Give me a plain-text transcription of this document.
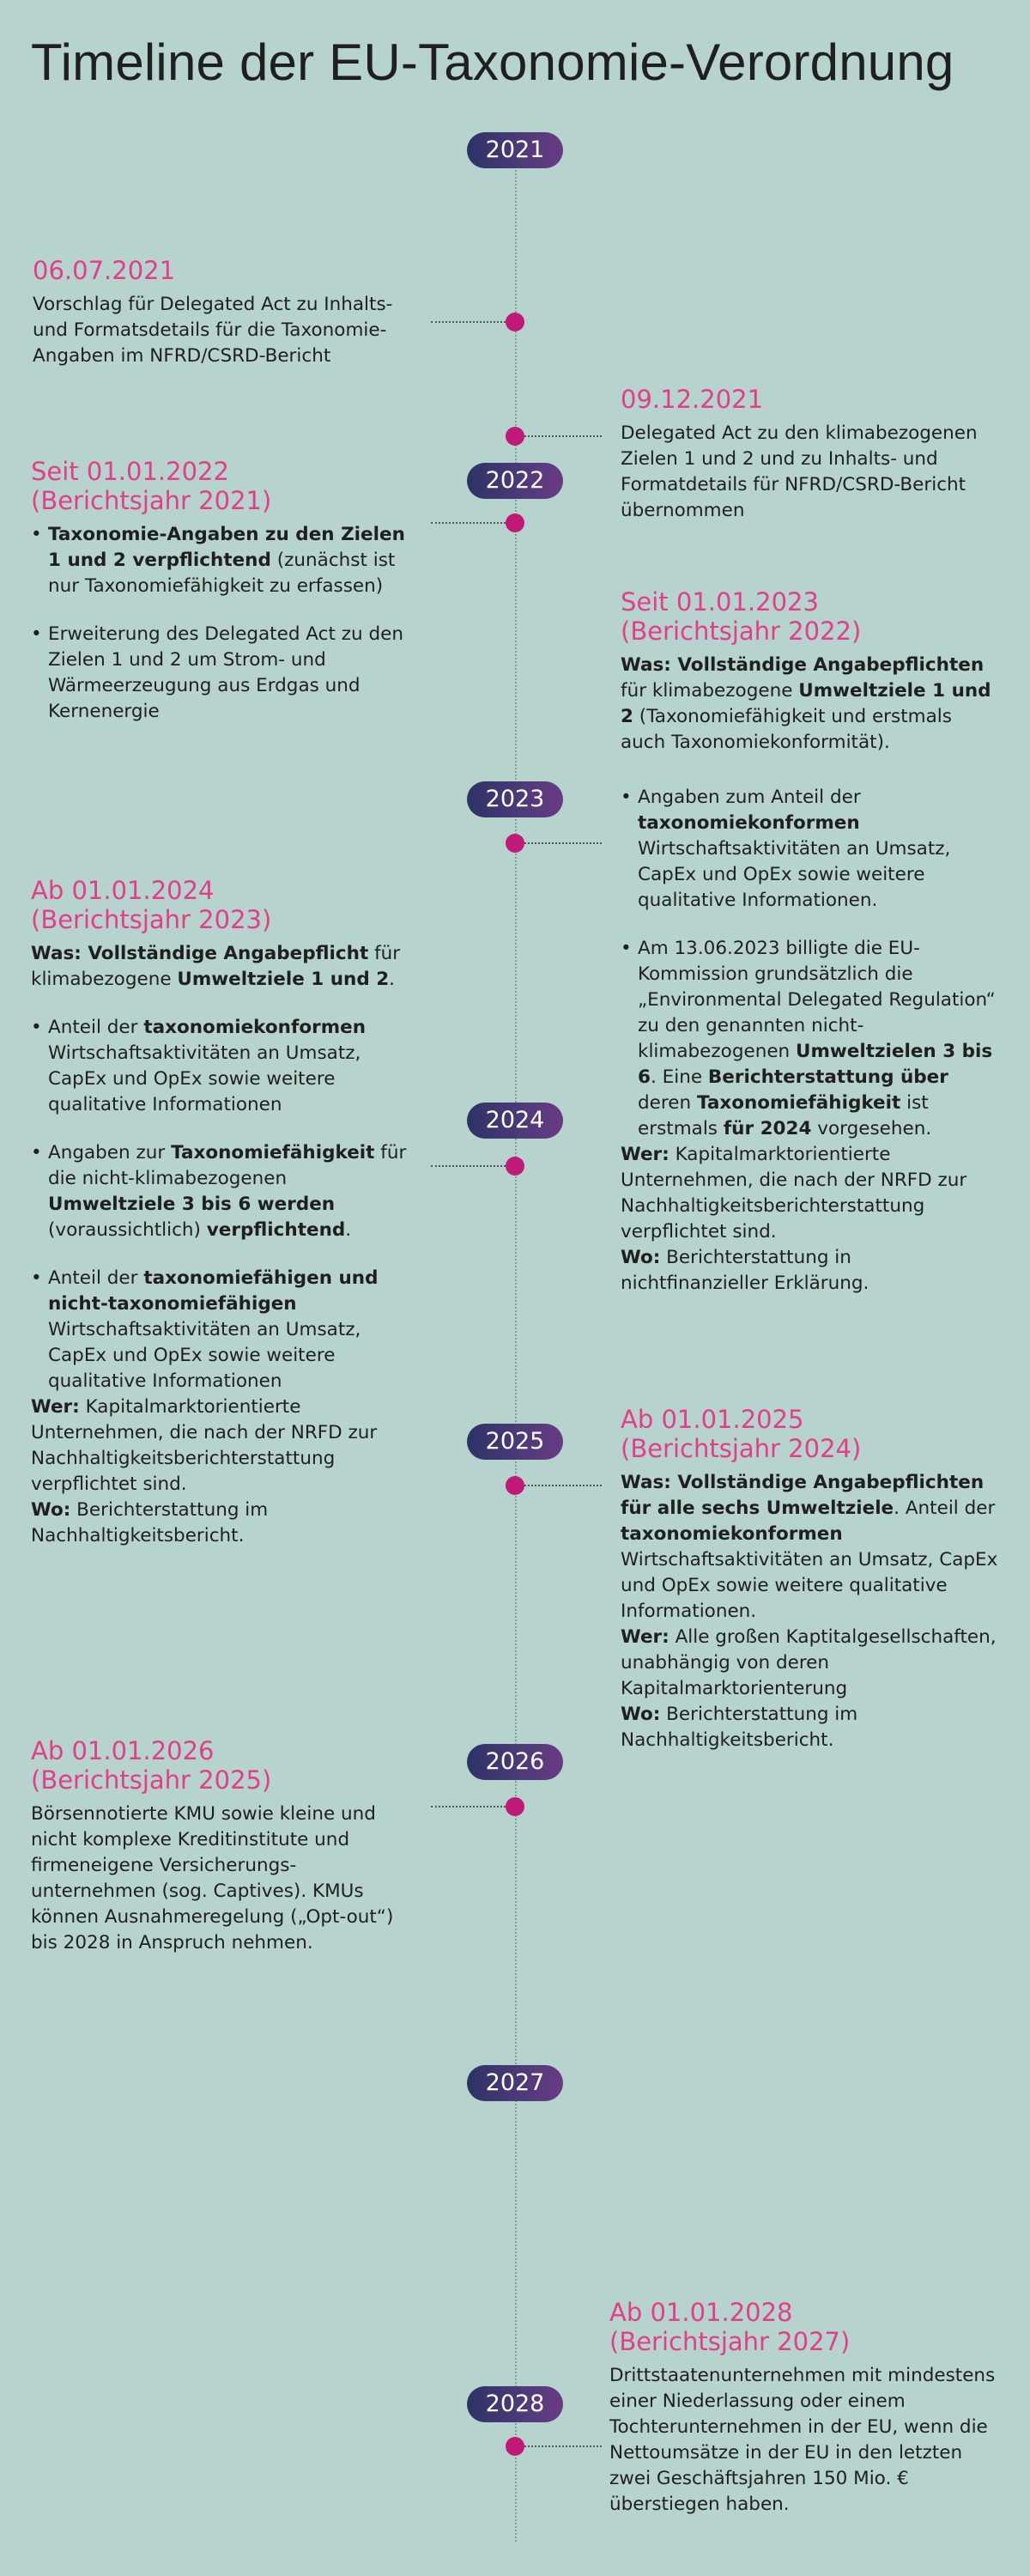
Timeline der EU-Taxonomie-Verordnung
2021
2022
2023
2024
2025
2026
2027
2028
06.07.2021

Vorschlag für Delegated Act zu Inhalts- und Formatsdetails für die Taxonomie-Angaben im NFRD/CSRD-Bericht

09.12.2021

Delegated Act zu den klimabezogenen Zielen 1 und 2 und zu Inhalts- und Formatdetails für NFRD/CSRD-Bericht übernommen

Seit 01.01.2022
(Berichtsjahr 2021)
• Taxonomie-Angaben zu den Zielen 1 und 2 verpflichtend (zunächst ist nur Taxonomiefähigkeit zu erfassen)
• Erweiterung des Delegated Act zu den Zielen 1 und 2 um Strom- und Wärmeerzeugung aus Erdgas und Kernenergie
Seit 01.01.2023
(Berichtsjahr 2022)

Was: Vollständige Angabepflichten für klimabezogene Umweltziele 1 und 2 (Taxonomiefähigkeit und erstmals auch Taxonomiekonformität).

• Angaben zum Anteil der taxonomiekonformen Wirtschaftsaktivitäten an Umsatz, CapEx und OpEx sowie weitere qualitative Informationen.
• Am 13.06.2023 billigte die EU-Kommission grundsätzlich die „Environmental Delegated Regulation“ zu den genannten nicht-klimabezogenen Umweltzielen 3 bis 6. Eine Berichterstattung über deren Taxonomiefähigkeit ist erstmals für 2024 vorgesehen.

Wer: Kapitalmarktorientierte Unternehmen, die nach der NRFD zur Nachhaltigkeitsberichterstattung verpflichtet sind.

Wo: Berichterstattung in nichtfinanzieller Erklärung.

Ab 01.01.2024
(Berichtsjahr 2023)

Was: Vollständige Angabepflicht für klimabezogene Umweltziele 1 und 2.

• Anteil der taxonomiekonformen Wirtschaftsaktivitäten an Umsatz, CapEx und OpEx sowie weitere qualitative Informationen
• Angaben zur Taxonomiefähigkeit für die nicht-klimabezogenen Umweltziele 3 bis 6 werden (voraussichtlich) verpflichtend.
• Anteil der taxonomiefähigen und nicht-taxonomiefähigen Wirtschaftsaktivitäten an Umsatz, CapEx und OpEx sowie weitere qualitative Informationen

Wer: Kapitalmarktorientierte Unternehmen, die nach der NRFD zur Nachhaltigkeitsberichterstattung verpflichtet sind.

Wo: Berichterstattung im Nachhaltigkeitsbericht.

Ab 01.01.2025
(Berichtsjahr 2024)

Was: Vollständige Angabepflichten für alle sechs Umweltziele. Anteil der taxonomiekonformen Wirtschaftsaktivitäten an Umsatz, CapEx und OpEx sowie weitere qualitative Informationen.

Wer: Alle großen Kaptitalgesellschaften, unabhängig von deren Kapitalmarktorienterung

Wo: Berichterstattung im Nachhaltigkeitsbericht.

Ab 01.01.2026
(Berichtsjahr 2025)

Börsennotierte KMU sowie kleine und nicht komplexe Kreditinstitute und firmeneigene Versicherungs-unternehmen (sog. Captives). KMUs können Ausnahmeregelung („Opt-out“) bis 2028 in Anspruch nehmen.

Ab 01.01.2028
(Berichtsjahr 2027)

Drittstaatenunternehmen mit mindestens einer Niederlassung oder einem Tochterunternehmen in der EU, wenn die Nettoumsätze in der EU in den letzten zwei Geschäftsjahren 150 Mio. € überstiegen haben.
